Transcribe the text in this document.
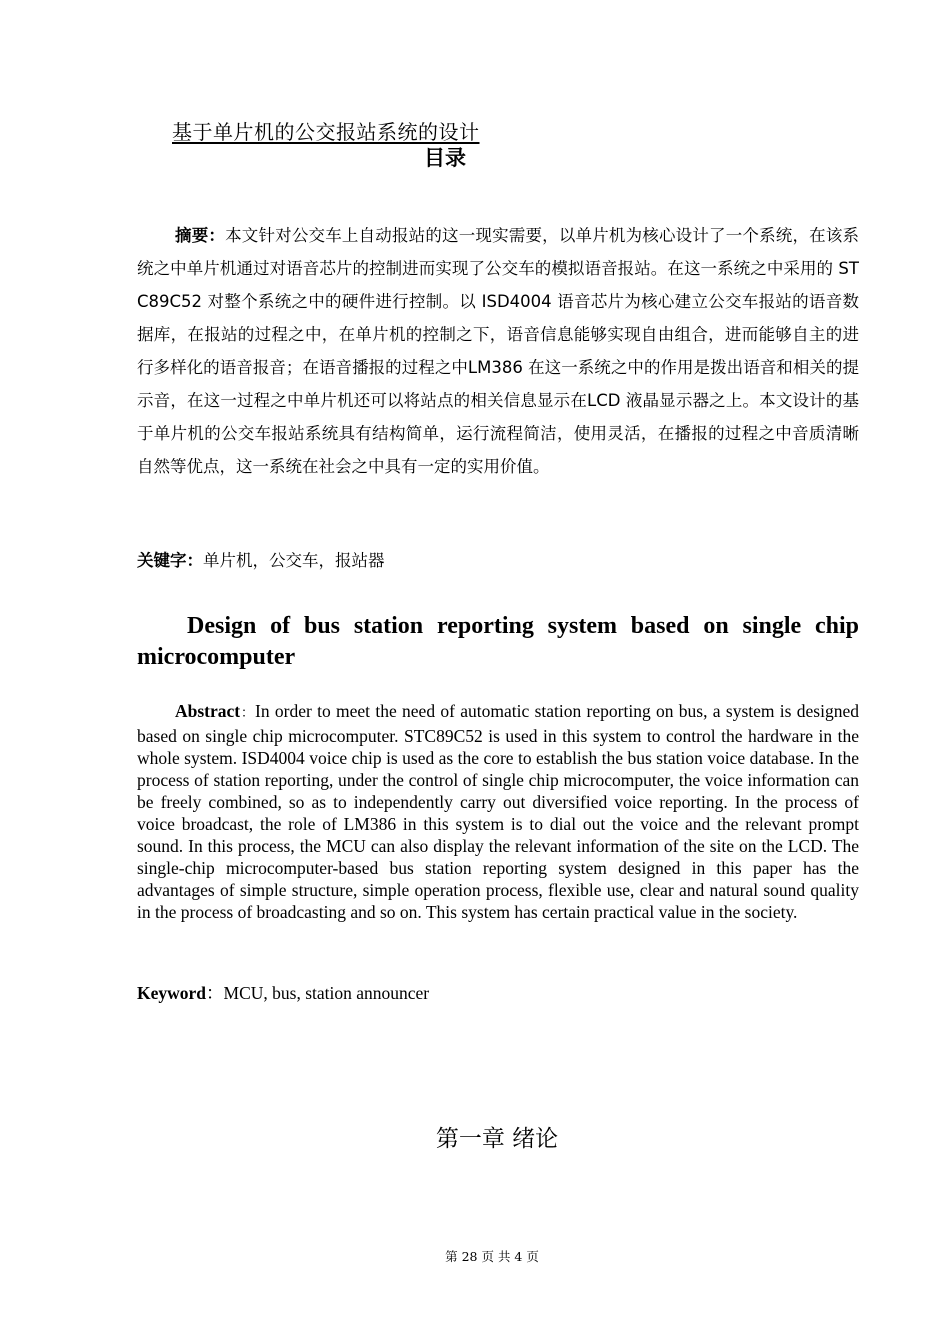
基于单片机的公交报站系统的设计
目录

摘要：本文针对公交车上自动报站的这一现实需要，以单片机为核心设计了一个系统，在该系统之中单片机通过对语音芯片的控制进而实现了公交车的模拟语音报站。在这一系统之中采用的 STC89C52 对整个系统之中的硬件进行控制。以 ISD4004 语音芯片为核心建立公交车报站的语音数据库，在报站的过程之中，在单片机的控制之下，语音信息能够实现自由组合，进而能够自主的进行多样化的语音报音；在语音播报的过程之中LM386 在这一系统之中的作用是拨出语音和相关的提示音，在这一过程之中单片机还可以将站点的相关信息显示在LCD 液晶显示器之上。本文设计的基于单片机的公交车报站系统具有结构简单，运行流程简洁，使用灵活，在播报的过程之中音质清晰自然等优点，这一系统在社会之中具有一定的实用价值。

关键字：单片机，公交车，报站器

Design of bus station reporting system based on single chip microcomputer

Abstract：In order to meet the need of automatic station reporting on bus, a system is designed based on single chip microcomputer. STC89C52 is used in this system to control the hardware in the whole system. ISD4004 voice chip is used as the core to establish the bus station voice database. In the process of station reporting, under the control of single chip microcomputer, the voice information can be freely combined, so as to independently carry out diversified voice reporting. In the process of voice broadcast, the role of LM386 in this system is to dial out the voice and the relevant prompt sound. In this process, the MCU can also display the relevant information of the site on the LCD. The single-chip microcomputer-based bus station reporting system designed in this paper has the advantages of simple structure, simple operation process, flexible use, clear and natural sound quality in the process of broadcasting and so on. This system has certain practical value in the society.

Keyword：MCU, bus, station announcer

第一章 绪论

第 28 页 共 4 页
